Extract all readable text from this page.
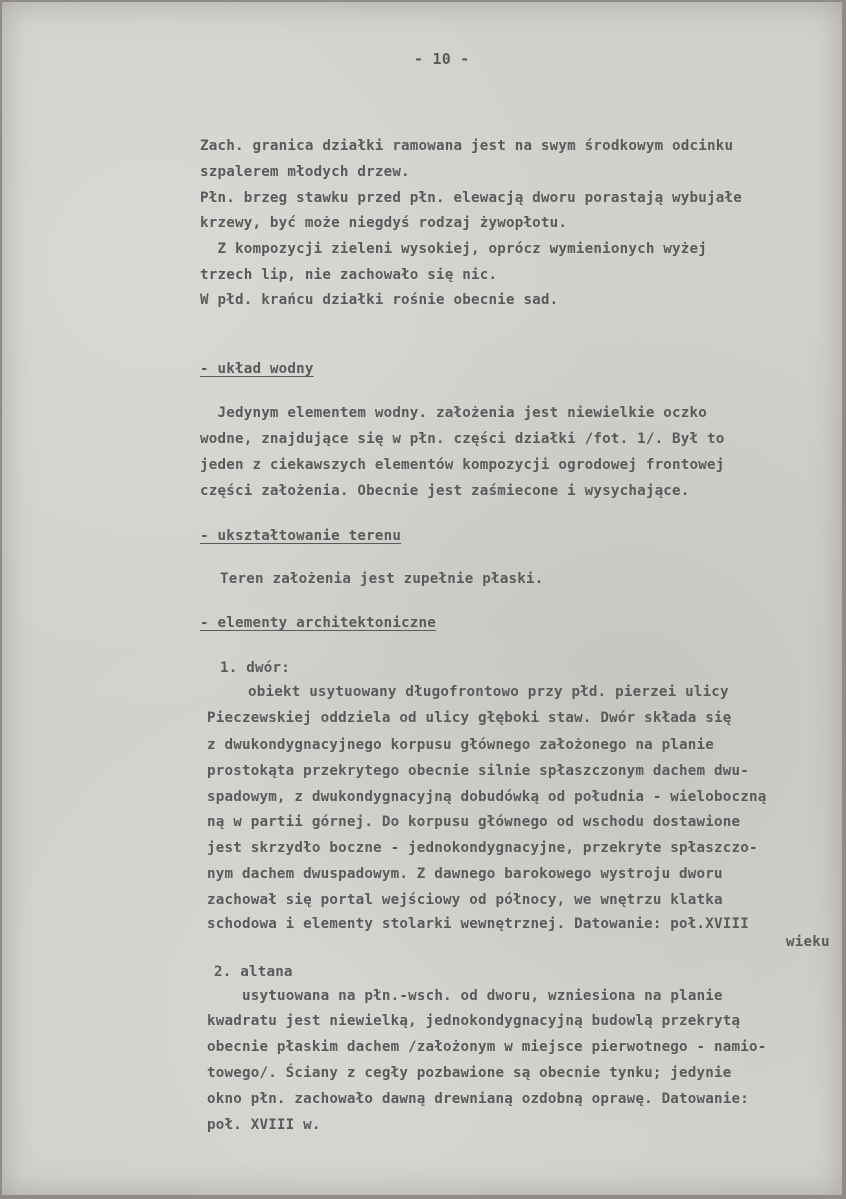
- 10 -
Zach. granica działki ramowana jest na swym środkowym odcinku
szpalerem młodych drzew.
Płn. brzeg stawku przed płn. elewacją dworu porastają wybujałe
krzewy, być może niegdyś rodzaj żywopłotu.
Z kompozycji zieleni wysokiej, oprócz wymienionych wyżej
trzech lip, nie zachowało się nic.
W płd. krańcu działki rośnie obecnie sad.
- układ wodny
Jedynym elementem wodny. założenia jest niewielkie oczko
wodne, znajdujące się w płn. części działki /fot. 1/. Był to
jeden z ciekawszych elementów kompozycji ogrodowej frontowej
części założenia. Obecnie jest zaśmiecone i wysychające.
- ukształtowanie terenu
Teren założenia jest zupełnie płaski.
- elementy architektoniczne
1. dwór:
obiekt usytuowany długofrontowo przy płd. pierzei ulicy
Pieczewskiej oddziela od ulicy głęboki staw. Dwór składa się
z dwukondygnacyjnego korpusu głównego założonego na planie
prostokąta przekrytego obecnie silnie spłaszczonym dachem dwu-
spadowym, z dwukondygnacyjną dobudówką od południa - wieloboczną
ną w partii górnej. Do korpusu głównego od wschodu dostawione
jest skrzydło boczne - jednokondygnacyjne, przekryte spłaszczo-
nym dachem dwuspadowym. Z dawnego barokowego wystroju dworu
zachował się portal wejściowy od północy, we wnętrzu klatka
schodowa i elementy stolarki wewnętrznej. Datowanie: poł.XVIII
wieku
2. altana
usytuowana na płn.-wsch. od dworu, wzniesiona na planie
kwadratu jest niewielką, jednokondygnacyjną budowlą przekrytą
obecnie płaskim dachem /założonym w miejsce pierwotnego - namio-
towego/. Ściany z cegły pozbawione są obecnie tynku; jedynie
okno płn. zachowało dawną drewnianą ozdobną oprawę. Datowanie:
poł. XVIII w.
